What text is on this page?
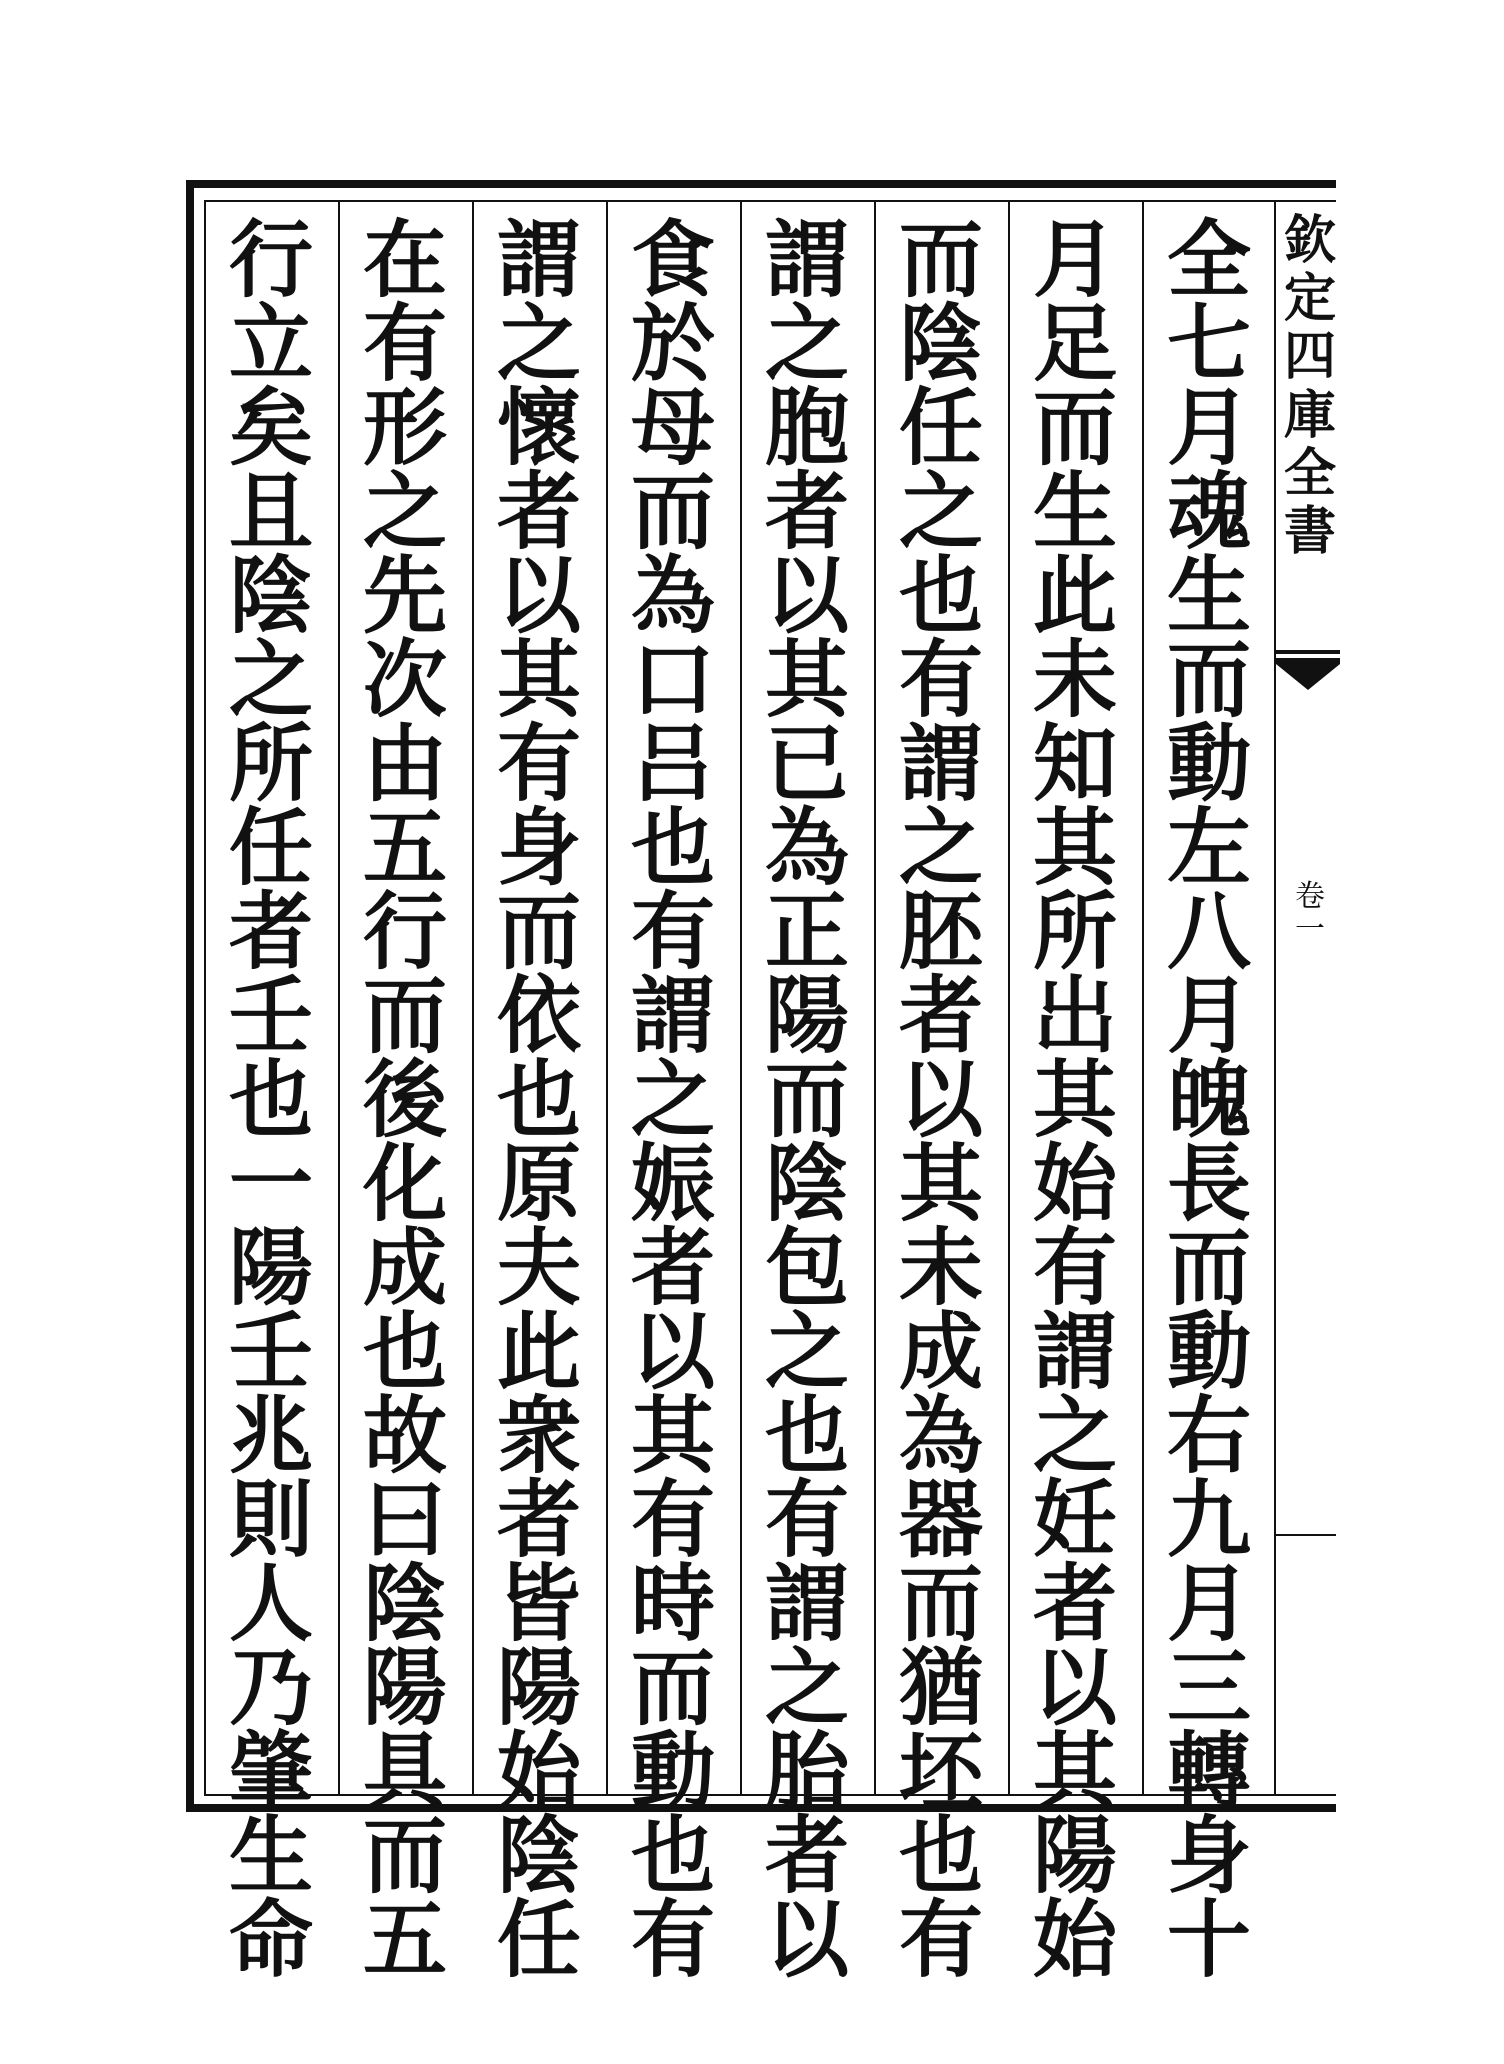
全
七
月
魂
生
而
動
左
八
月
魄
長
而
動
右
九
月
三
轉
身
十
月
足
而
生
此
未
知
其
所
出
其
始
有
謂
之
妊
者
以
其
陽
始
而
陰
任
之
也
有
謂
之
胚
者
以
其
未
成
為
器
而
猶
坯
也
有
謂
之
胞
者
以
其
已
為
正
陽
而
陰
包
之
也
有
謂
之
胎
者
以
食
於
母
而
為
口
吕
也
有
謂
之
娠
者
以
其
有
時
而
動
也
有
謂
之
懷
者
以
其
有
身
而
依
也
原
夫
此
衆
者
皆
陽
始
陰
任
在
有
形
之
先
次
由
五
行
而
後
化
成
也
故
曰
陰
陽
具
而
五
行
立
矣
且
陰
之
所
任
者
壬
也
一
陽
壬
兆
則
人
乃
肇
生
命
欽
定
四
庫
全
書
卷
一
